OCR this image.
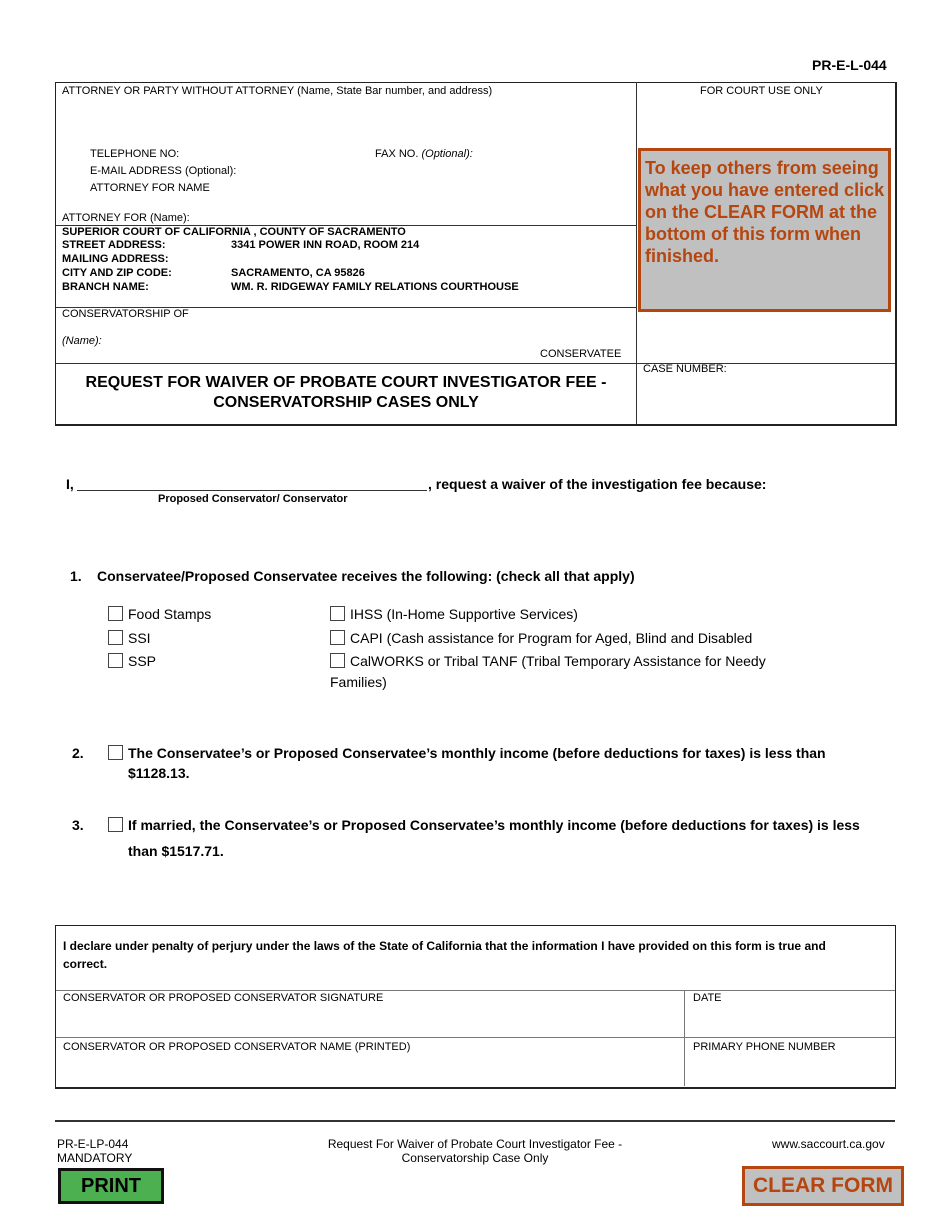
PR-E-L-044
ATTORNEY OR PARTY WITHOUT ATTORNEY (Name, State Bar number, and address)	FOR COURT USE ONLY
TELEPHONE NO:	FAX NO. (Optional):
E-MAIL ADDRESS (Optional):
ATTORNEY FOR NAME
ATTORNEY FOR (Name):
SUPERIOR COURT OF CALIFORNIA , COUNTY OF SACRAMENTO
STREET ADDRESS:	3341 POWER INN ROAD, ROOM 214
MAILING ADDRESS:
CITY AND ZIP CODE:	SACRAMENTO, CA 95826
BRANCH NAME:	WM. R. RIDGEWAY FAMILY RELATIONS COURTHOUSE
CONSERVATORSHIP OF
(Name):
CONSERVATEE
CASE NUMBER:
REQUEST FOR WAIVER OF PROBATE COURT INVESTIGATOR FEE -
CONSERVATORSHIP CASES ONLY
To keep others from seeing what you have entered click on the CLEAR FORM at the bottom of this form when finished.
I,	, request a waiver of the investigation fee because:
Proposed Conservator/ Conservator
1. Conservatee/Proposed Conservatee receives the following: (check all that apply)
Food Stamps
SSI
SSP
IHSS (In-Home Supportive Services)
CAPI (Cash assistance for Program for Aged, Blind and Disabled
CalWORKS or Tribal TANF (Tribal Temporary Assistance for Needy
Families)
2.	The Conservatee’s or Proposed Conservatee’s monthly income (before deductions for taxes) is less than
$1128.13.
3.	If married, the Conservatee’s or Proposed Conservatee’s monthly income (before deductions for taxes) is less
than $1517.71.
I declare under penalty of perjury under the laws of the State of California that the information I have provided on this form is true and
correct.
CONSERVATOR OR PROPOSED CONSERVATOR SIGNATURE	DATE
CONSERVATOR OR PROPOSED CONSERVATOR NAME (PRINTED)	PRIMARY PHONE NUMBER
PR-E-LP-044
MANDATORY
Request For Waiver of Probate Court Investigator Fee -
Conservatorship Case Only
www.saccourt.ca.gov
PRINT	CLEAR FORM
